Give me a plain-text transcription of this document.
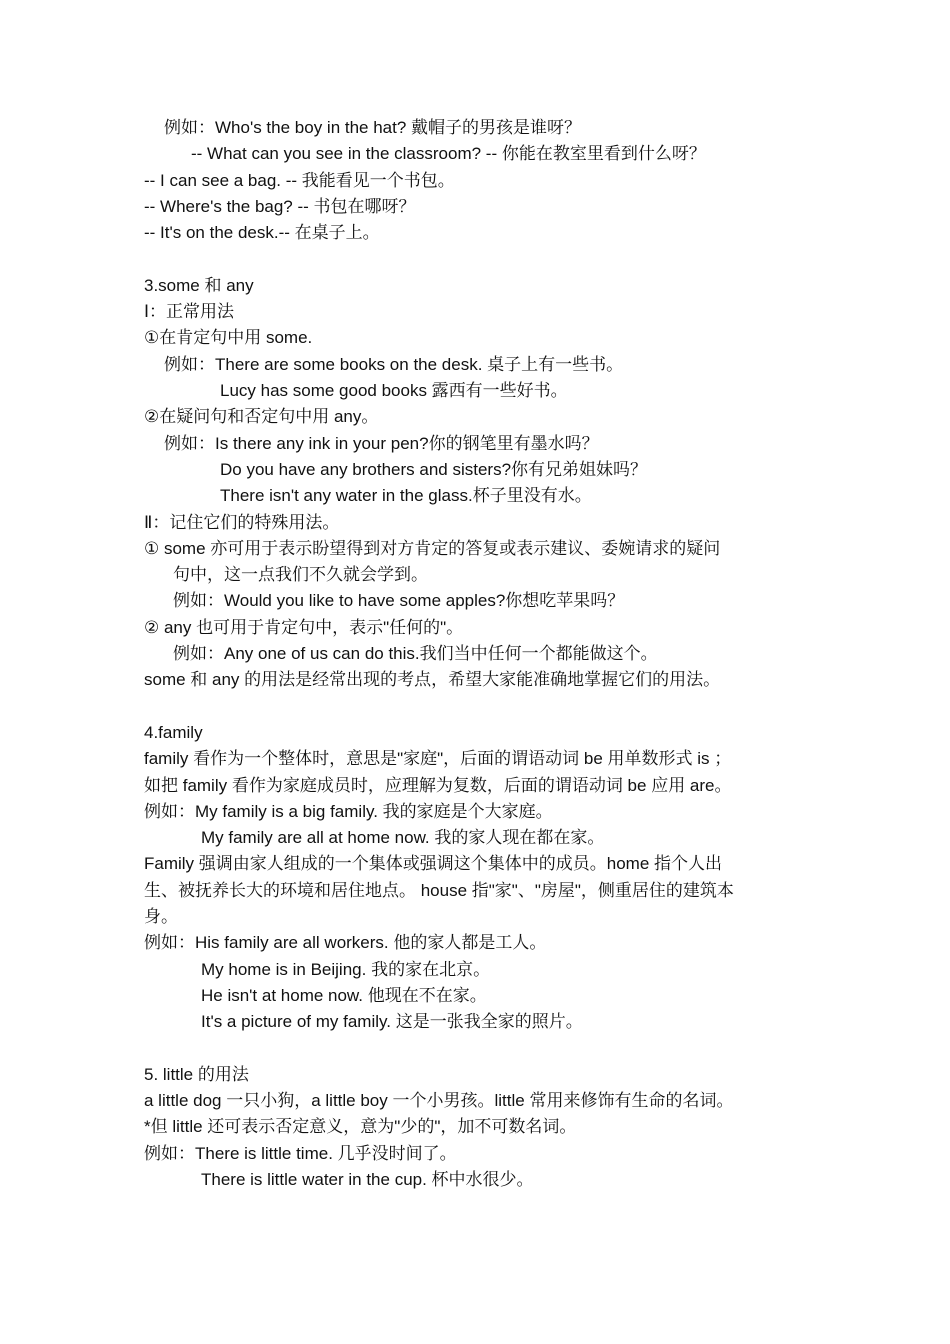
例如：Who's the boy in the hat? 戴帽子的男孩是谁呀？
-- What can you see in the classroom? -- 你能在教室里看到什么呀？
-- I can see a bag. -- 我能看见一个书包。
-- Where's the bag? -- 书包在哪呀？
-- It's on the desk.-- 在桌子上。
3.some 和 any
Ⅰ：正常用法
①在肯定句中用 some.
例如：There are some books on the desk. 桌子上有一些书。
Lucy has some good books 露西有一些好书。
②在疑问句和否定句中用 any。
例如：Is there any ink in your pen?你的钢笔里有墨水吗？
Do you have any brothers and sisters?你有兄弟姐妹吗？
There isn't any water in the glass.杯子里没有水。
Ⅱ：记住它们的特殊用法。
① some 亦可用于表示盼望得到对方肯定的答复或表示建议、委婉请求的疑问
句中，这一点我们不久就会学到。
例如：Would you like to have some apples?你想吃苹果吗？
② any 也可用于肯定句中，表示"任何的"。
例如：Any one of us can do this.我们当中任何一个都能做这个。
some 和 any 的用法是经常出现的考点，希望大家能准确地掌握它们的用法。
4.family
family 看作为一个整体时，意思是"家庭"，后面的谓语动词 be 用单数形式 is ；
如把 family 看作为家庭成员时，应理解为复数，后面的谓语动词 be 应用 are。
例如：My family is a big family. 我的家庭是个大家庭。
My family are all at home now. 我的家人现在都在家。
Family 强调由家人组成的一个集体或强调这个集体中的成员。home 指个人出
生、被抚养长大的环境和居住地点。 house 指"家"、"房屋"，侧重居住的建筑本
身。
例如：His family are all workers. 他的家人都是工人。
My home is in Beijing. 我的家在北京。
He isn't at home now. 他现在不在家。
It's a picture of my family. 这是一张我全家的照片。
5. little 的用法
a little dog 一只小狗，a little boy 一个小男孩。little 常用来修饰有生命的名词。
*但 little 还可表示否定意义，意为"少的"，加不可数名词。
例如：There is little time. 几乎没时间了。
There is little water in the cup. 杯中水很少。
